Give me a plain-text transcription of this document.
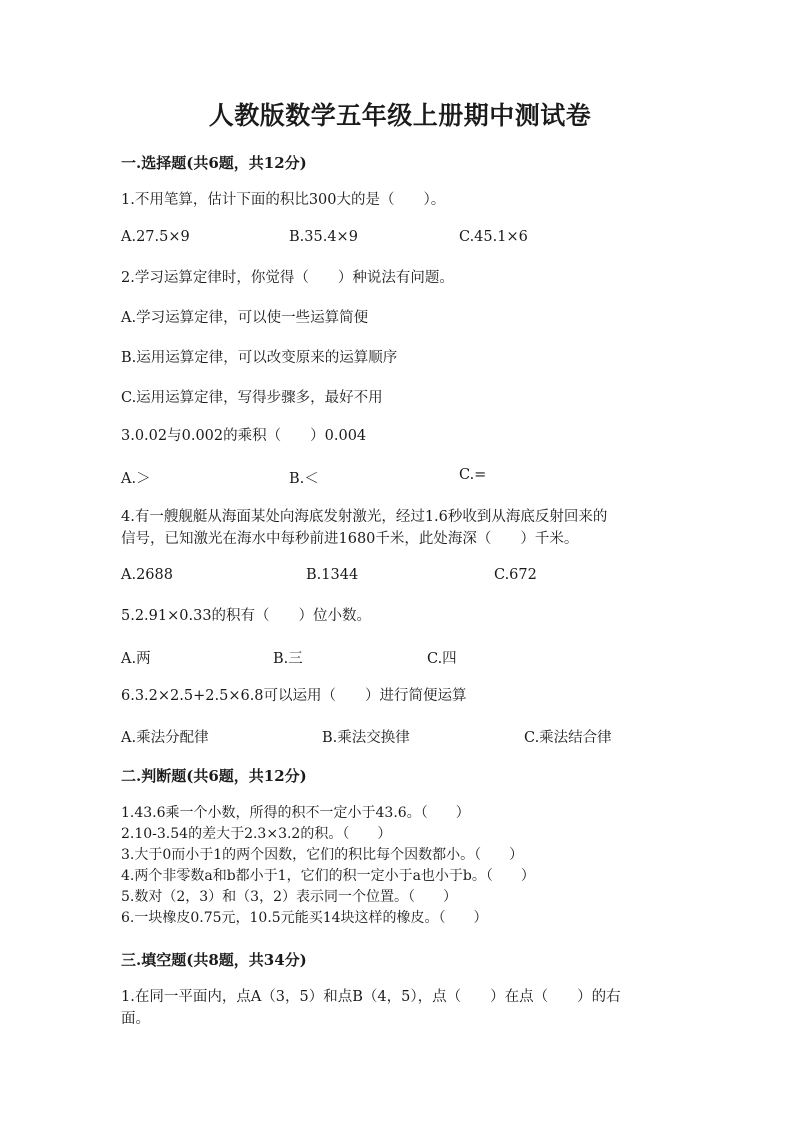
人教版数学五年级上册期中测试卷
一.选择题(共6题，共12分)
1.不用笔算，估计下面的积比300大的是（　　）。
A.27.5×9	B.35.4×9	C.45.1×6
2.学习运算定律时，你觉得（　　）种说法有问题。
A.学习运算定律，可以使一些运算简便
B.运用运算定律，可以改变原来的运算顺序
C.运用运算定律，写得步骤多，最好不用
3.0.02与0.002的乘积（　　）0.004
A.＞	B.＜	C.=
4.有一艘舰艇从海面某处向海底发射激光，经过1.6秒收到从海底反射回来的
信号，已知激光在海水中每秒前进1680千米，此处海深（　　）千米。
A.2688	B.1344	C.672
5.2.91×0.33的积有（　　）位小数。
A.两	B.三	C.四
6.3.2×2.5+2.5×6.8可以运用（　　）进行简便运算
A.乘法分配律	B.乘法交换律	C.乘法结合律
二.判断题(共6题，共12分)
1.43.6乘一个小数，所得的积不一定小于43.6。（　　）
2.10-3.54的差大于2.3×3.2的积。（　　）
3.大于0而小于1的两个因数，它们的积比每个因数都小。（　　）
4.两个非零数a和b都小于1，它们的积一定小于a也小于b。（　　）
5.数对（2，3）和（3，2）表示同一个位置。（　　）
6.一块橡皮0.75元，10.5元能买14块这样的橡皮。（　　）
三.填空题(共8题，共34分)
1.在同一平面内，点A（3，5）和点B（4，5），点（　　）在点（　　）的右
面。
